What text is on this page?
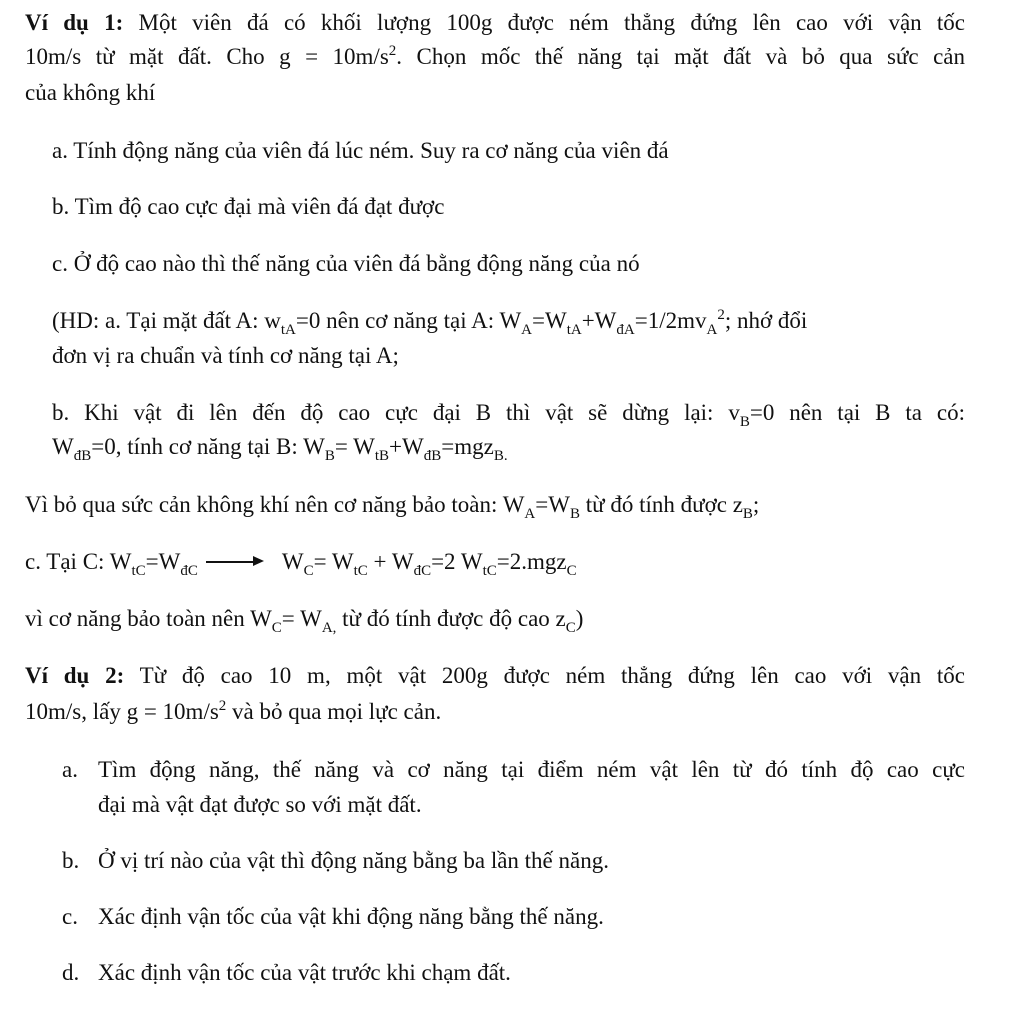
Ví dụ 1: Một viên đá có khối lượng 100g được ném thẳng đứng lên cao với vận tốc
10m/s từ mặt đất. Cho $g = 10m/s^2$. Chọn mốc thế năng tại mặt đất và bỏ qua sức cản
của không khí
a. Tính động năng của viên đá lúc ném. Suy ra cơ năng của viên đá
b. Tìm độ cao cực đại mà viên đá đạt được
c. Ở độ cao nào thì thế năng của viên đá bằng động năng của nó
(HD: a. Tại mặt đất A: $w_{tA}=0$ nên cơ năng tại A: $W_A=W_{tA}+W_{đA}=1/2mv_A^2$; nhớ đổi
đơn vị ra chuẩn và tính cơ năng tại A;
b. Khi vật đi lên đến độ cao cực đại B thì vật sẽ dừng lại: $v_B=0$ nên tại B ta có:
$W_{đB}=0$, tính cơ năng tại B: $W_B= W_{tB}+W_{đB}=mgz_{B.}$
Vì bỏ qua sức cản không khí nên cơ năng bảo toàn: $W_A=W_B$ từ đó tính được $z_B$;
c. Tại C: $W_{tC}=W_{đC}$	$W_C= W_{tC} + W_{đC}=2$ $W_{tC}=2.mgz_C$
vì cơ năng bảo toàn nên $W_C= W_{A,}$ từ đó tính được độ cao $z_C$)
Ví dụ 2: Từ độ cao 10 m, một vật 200g được ném thẳng đứng lên cao với vận tốc
10m/s, lấy $g = 10m/s^2$ và bỏ qua mọi lực cản.
a. Tìm động năng, thế năng và cơ năng tại điểm ném vật lên từ đó tính độ cao cực
đại mà vật đạt được so với mặt đất.
b. Ở vị trí nào của vật thì động năng bằng ba lần thế năng.
c. Xác định vận tốc của vật khi động năng bằng thế năng.
d. Xác định vận tốc của vật trước khi chạm đất.
